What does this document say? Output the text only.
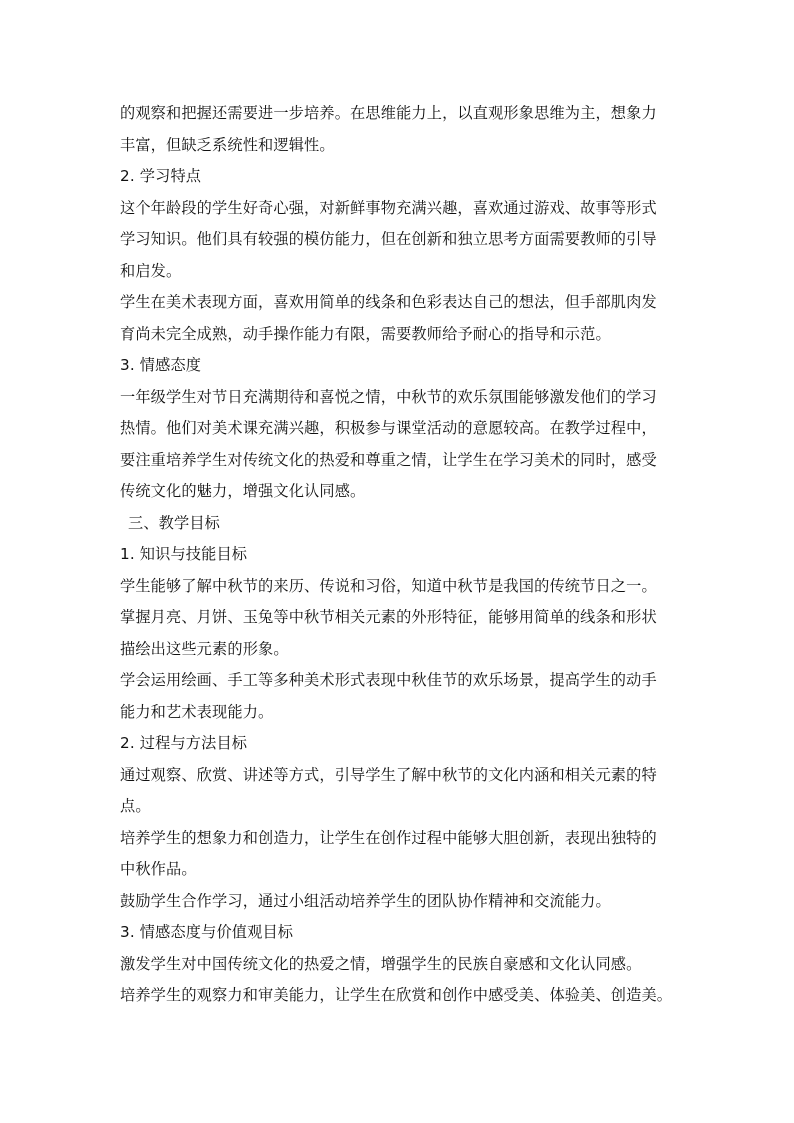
的观察和把握还需要进一步培养。在思维能力上，以直观形象思维为主，想象力
丰富，但缺乏系统性和逻辑性。
2. 学习特点
这个年龄段的学生好奇心强，对新鲜事物充满兴趣，喜欢通过游戏、故事等形式
学习知识。他们具有较强的模仿能力，但在创新和独立思考方面需要教师的引导
和启发。
学生在美术表现方面，喜欢用简单的线条和色彩表达自己的想法，但手部肌肉发
育尚未完全成熟，动手操作能力有限，需要教师给予耐心的指导和示范。
3. 情感态度
一年级学生对节日充满期待和喜悦之情，中秋节的欢乐氛围能够激发他们的学习
热情。他们对美术课充满兴趣，积极参与课堂活动的意愿较高。在教学过程中，
要注重培养学生对传统文化的热爱和尊重之情，让学生在学习美术的同时，感受
传统文化的魅力，增强文化认同感。
三、教学目标
1. 知识与技能目标
学生能够了解中秋节的来历、传说和习俗，知道中秋节是我国的传统节日之一。
掌握月亮、月饼、玉兔等中秋节相关元素的外形特征，能够用简单的线条和形状
描绘出这些元素的形象。
学会运用绘画、手工等多种美术形式表现中秋佳节的欢乐场景，提高学生的动手
能力和艺术表现能力。
2. 过程与方法目标
通过观察、欣赏、讲述等方式，引导学生了解中秋节的文化内涵和相关元素的特
点。
培养学生的想象力和创造力，让学生在创作过程中能够大胆创新，表现出独特的
中秋作品。
鼓励学生合作学习，通过小组活动培养学生的团队协作精神和交流能力。
3. 情感态度与价值观目标
激发学生对中国传统文化的热爱之情，增强学生的民族自豪感和文化认同感。
培养学生的观察力和审美能力，让学生在欣赏和创作中感受美、体验美、创造美。
